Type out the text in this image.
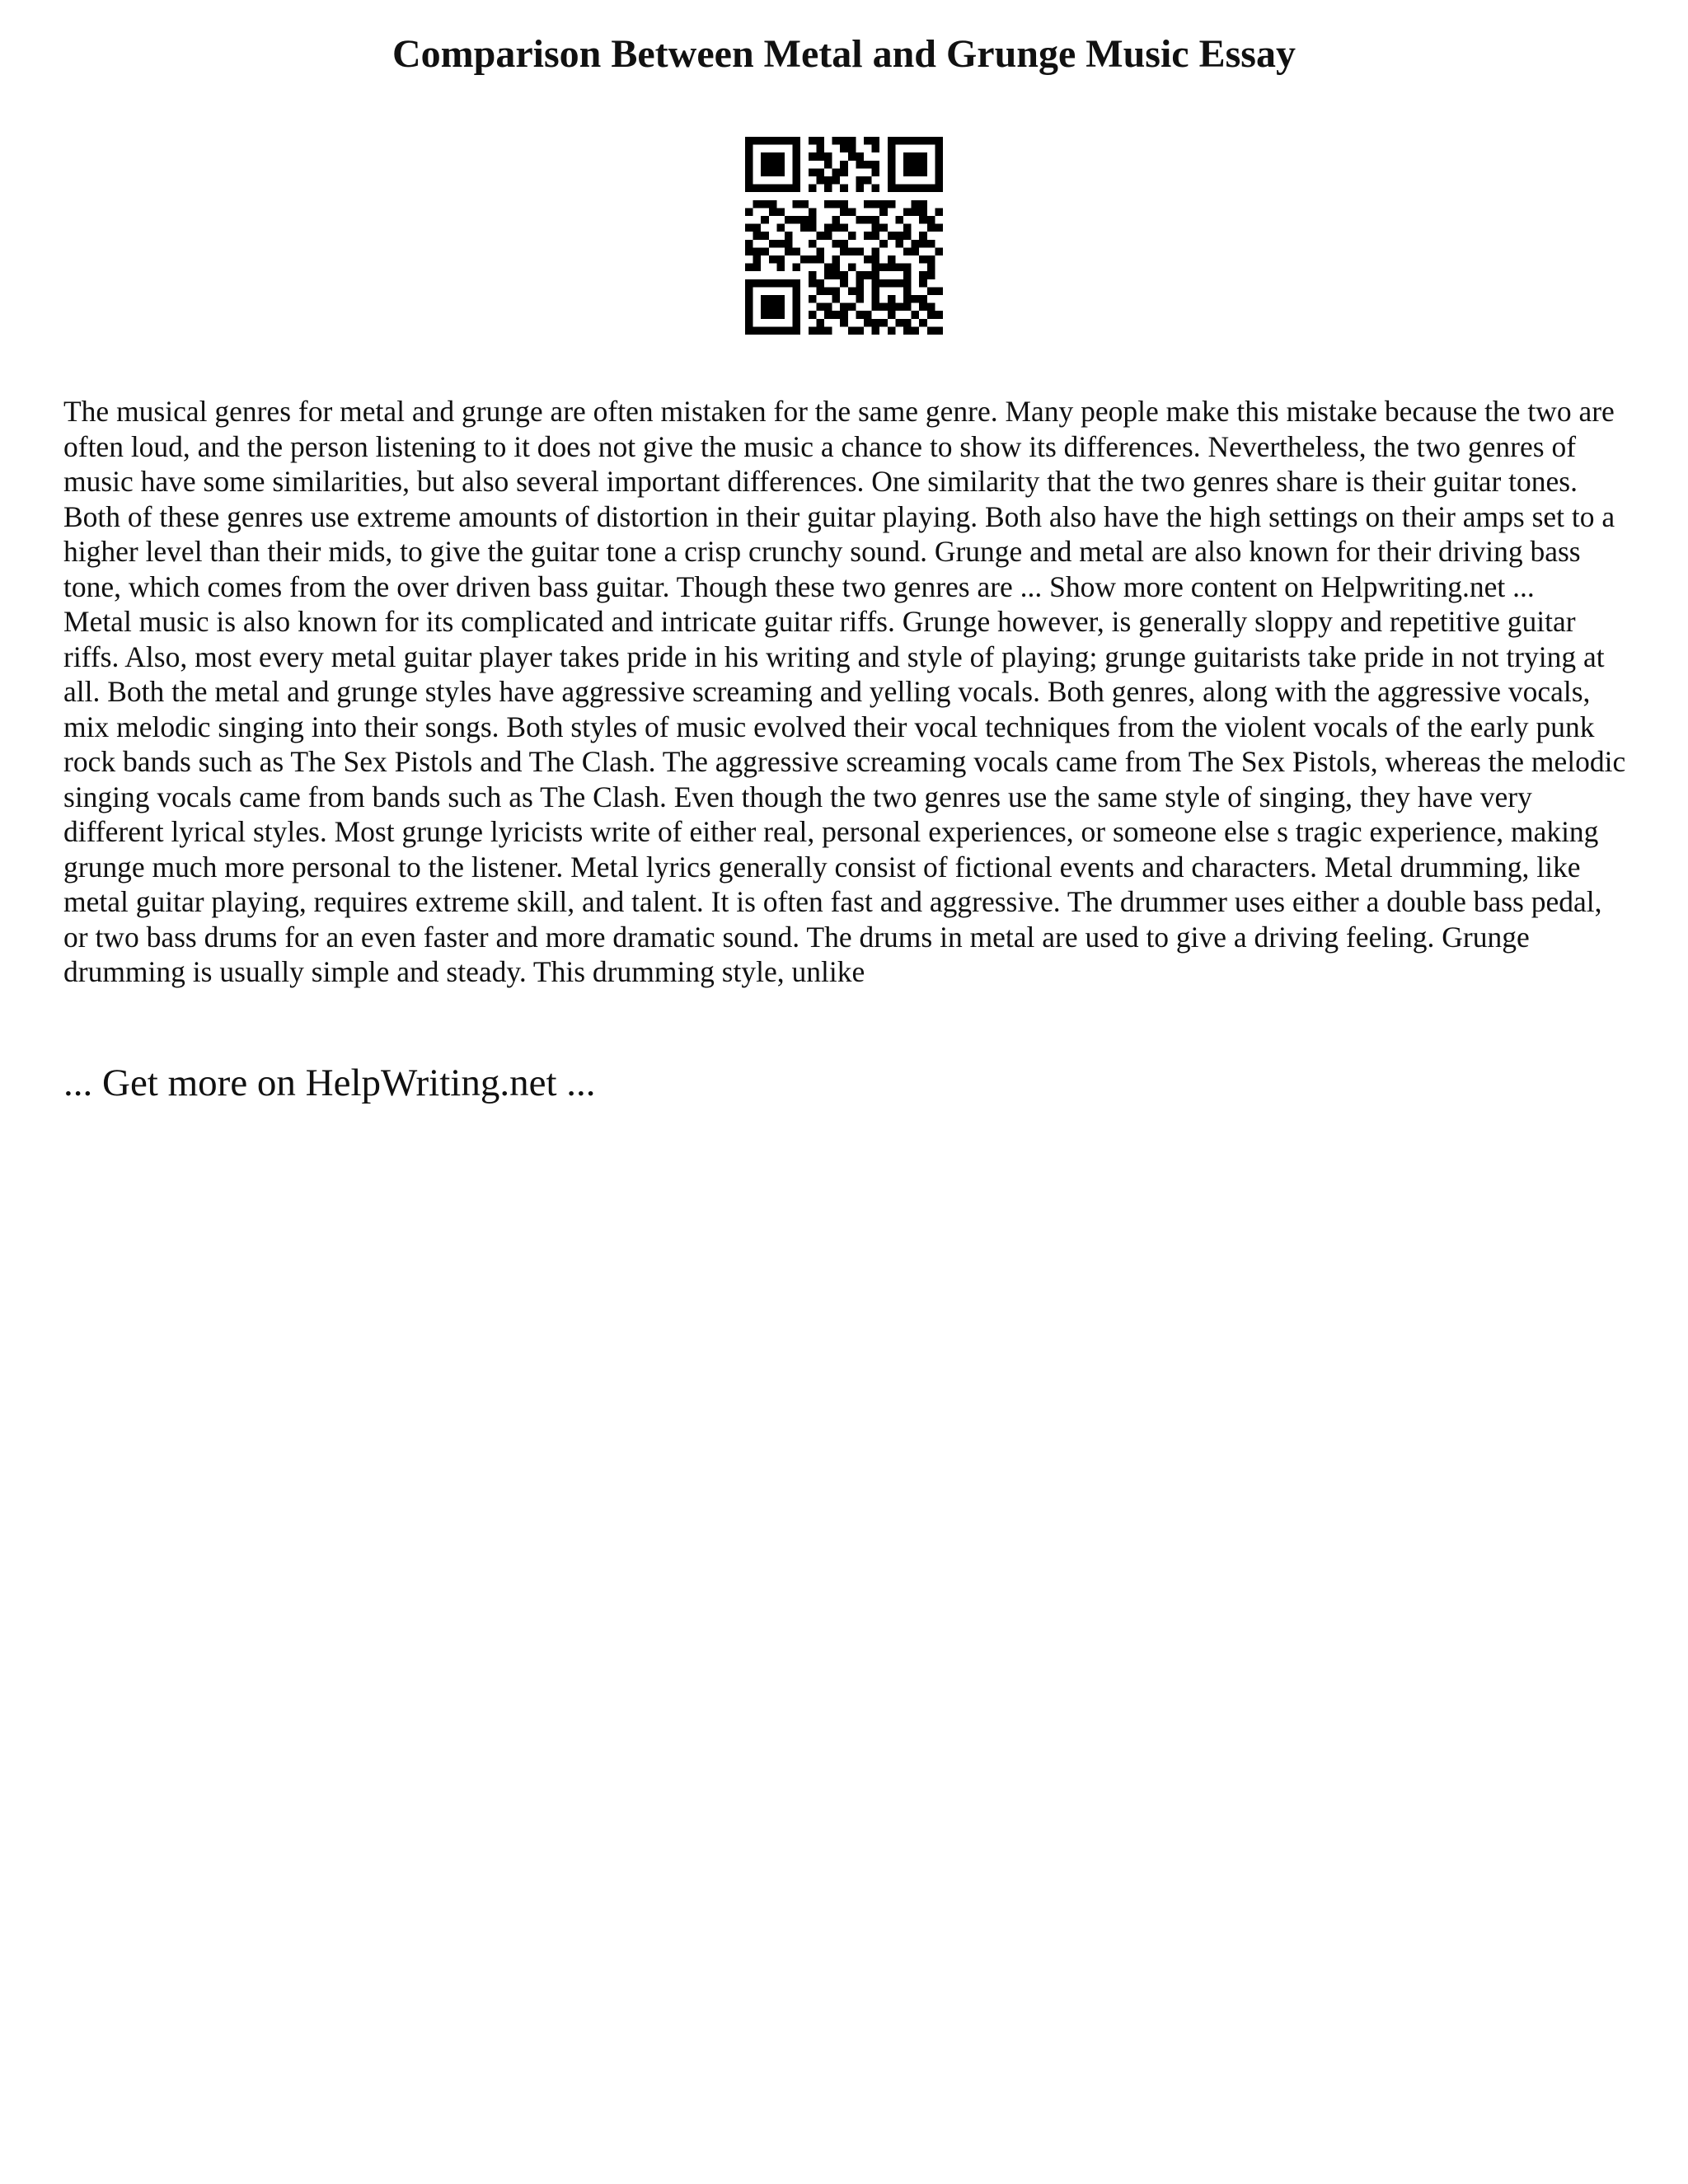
Comparison Between Metal and Grunge Music Essay

The musical genres for metal and grunge are often mistaken for the same genre. Many people make this mistake because the two are often loud, and the person listening to it does not give the music a chance to show its differences. Nevertheless, the two genres of music have some similarities, but also several important differences. One similarity that the two genres share is their guitar tones. Both of these genres use extreme amounts of distortion in their guitar playing. Both also have the high settings on their amps set to a higher level than their mids, to give the guitar tone a crisp crunchy sound. Grunge and metal are also known for their driving bass tone, which comes from the over driven bass guitar. Though these two genres are ... Show more content on Helpwriting.net ...

Metal music is also known for its complicated and intricate guitar riffs. Grunge however, is generally sloppy and repetitive guitar riffs. Also, most every metal guitar player takes pride in his writing and style of playing; grunge guitarists take pride in not trying at all. Both the metal and grunge styles have aggressive screaming and yelling vocals. Both genres, along with the aggressive vocals, mix melodic singing into their songs. Both styles of music evolved their vocal techniques from the violent vocals of the early punk rock bands such as The Sex Pistols and The Clash. The aggressive screaming vocals came from The Sex Pistols, whereas the melodic singing vocals came from bands such as The Clash. Even though the two genres use the same style of singing, they have very different lyrical styles. Most grunge lyricists write of either real, personal experiences, or someone else s tragic experience, making grunge much more personal to the listener. Metal lyrics generally consist of fictional events and characters. Metal drumming, like metal guitar playing, requires extreme skill, and talent. It is often fast and aggressive. The drummer uses either a double bass pedal, or two bass drums for an even faster and more dramatic sound. The drums in metal are used to give a driving feeling. Grunge drumming is usually simple and steady. This drumming style, unlike

... Get more on HelpWriting.net ...
